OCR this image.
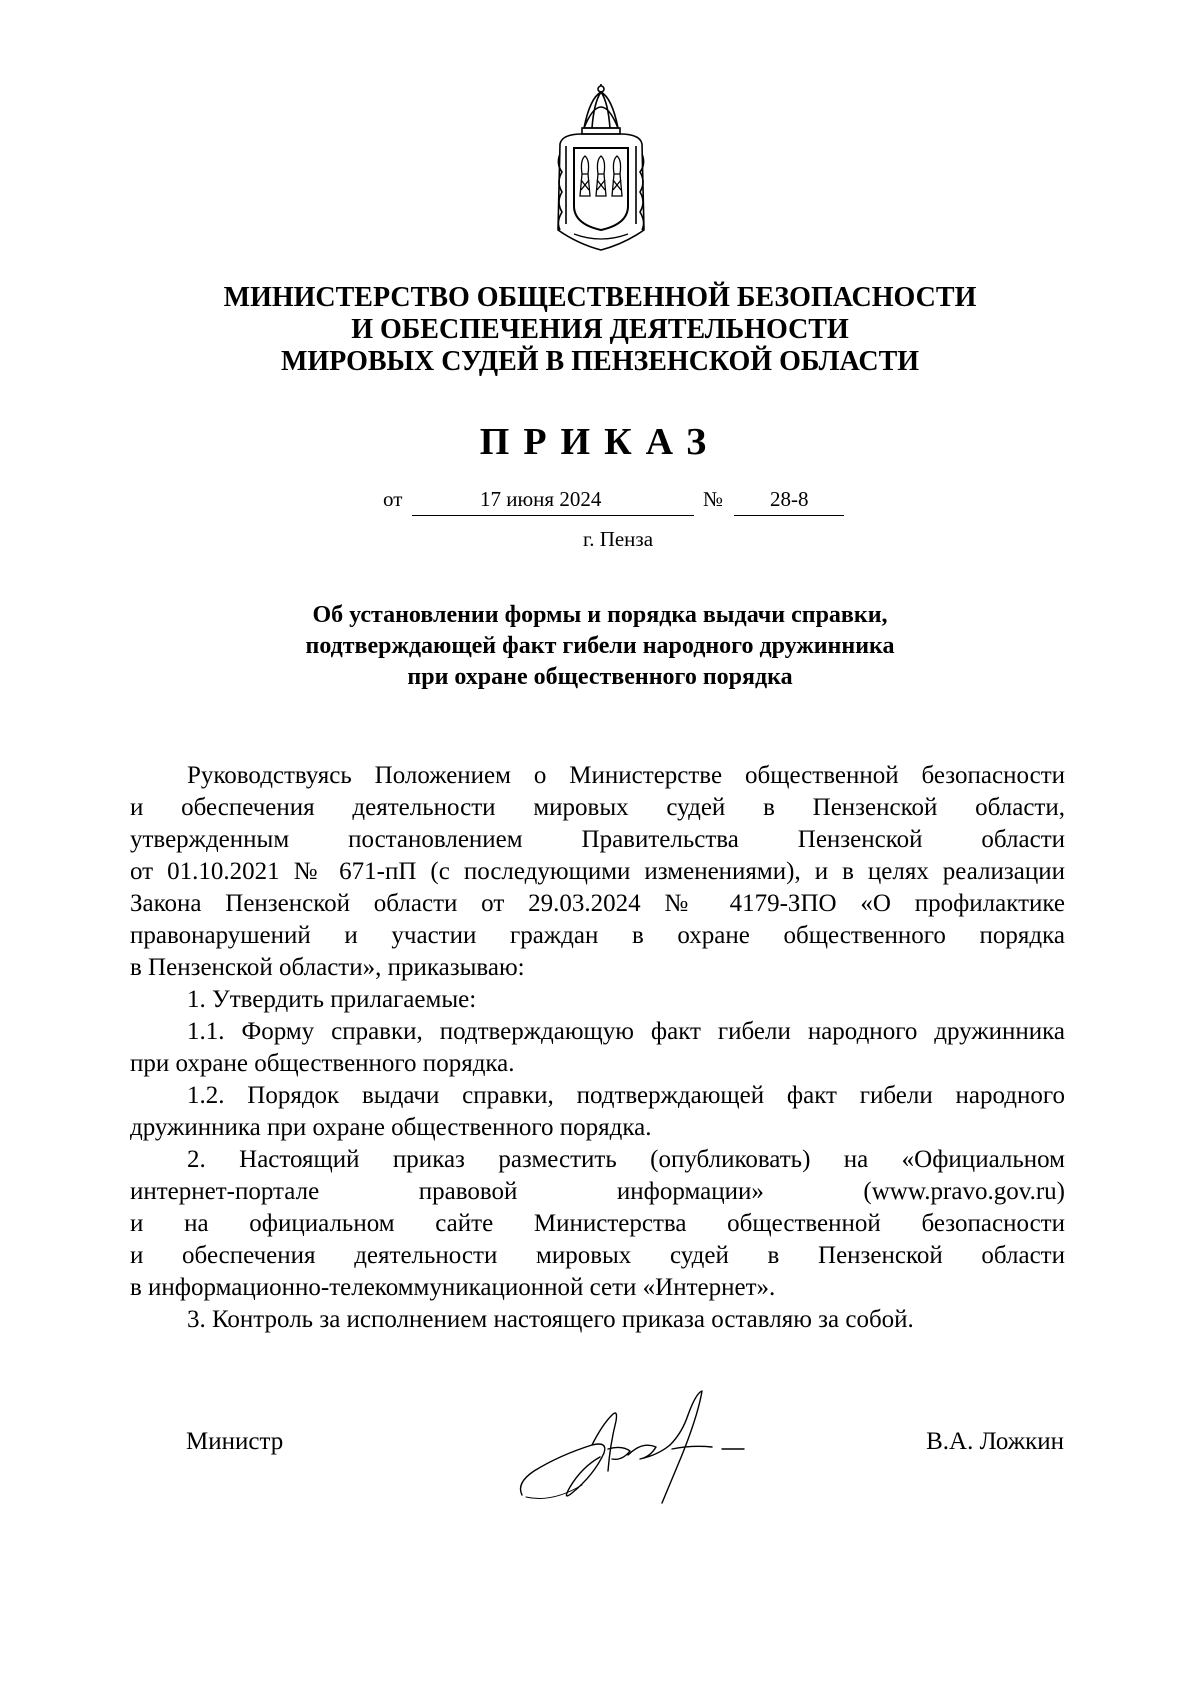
МИНИСТЕРСТВО ОБЩЕСТВЕННОЙ БЕЗОПАСНОСТИ
И ОБЕСПЕЧЕНИЯ ДЕЯТЕЛЬНОСТИ
МИРОВЫХ СУДЕЙ В ПЕНЗЕНСКОЙ ОБЛАСТИ
ПРИКАЗ
от	17 июня 2024	№ 28-8
г. Пенза
Об установлении формы и порядка выдачи справки,
подтверждающей факт гибели народного дружинника
при охране общественного порядка
Руководствуясь Положением о Министерстве общественной безопасности
и обеспечения деятельности мировых судей в Пензенской области,
утвержденным постановлением Правительства Пензенской области
от 01.10.2021 № 671-пП (с последующими изменениями), и в целях реализации
Закона Пензенской области от 29.03.2024 № 4179-ЗПО «О профилактике
правонарушений и участии граждан в охране общественного порядка
в Пензенской области», приказываю:
1. Утвердить прилагаемые:
1.1. Форму справки, подтверждающую факт гибели народного дружинника
при охране общественного порядка.
1.2. Порядок выдачи справки, подтверждающей факт гибели народного
дружинника при охране общественного порядка.
2. Настоящий приказ разместить (опубликовать) на «Официальном
интернет-портале правовой информации» (www.pravo.gov.ru)
и на официальном сайте Министерства общественной безопасности
и обеспечения деятельности мировых судей в Пензенской области
в информационно-телекоммуникационной сети «Интернет».
3. Контроль за исполнением настоящего приказа оставляю за собой.
Министр	В.А. Ложкин
